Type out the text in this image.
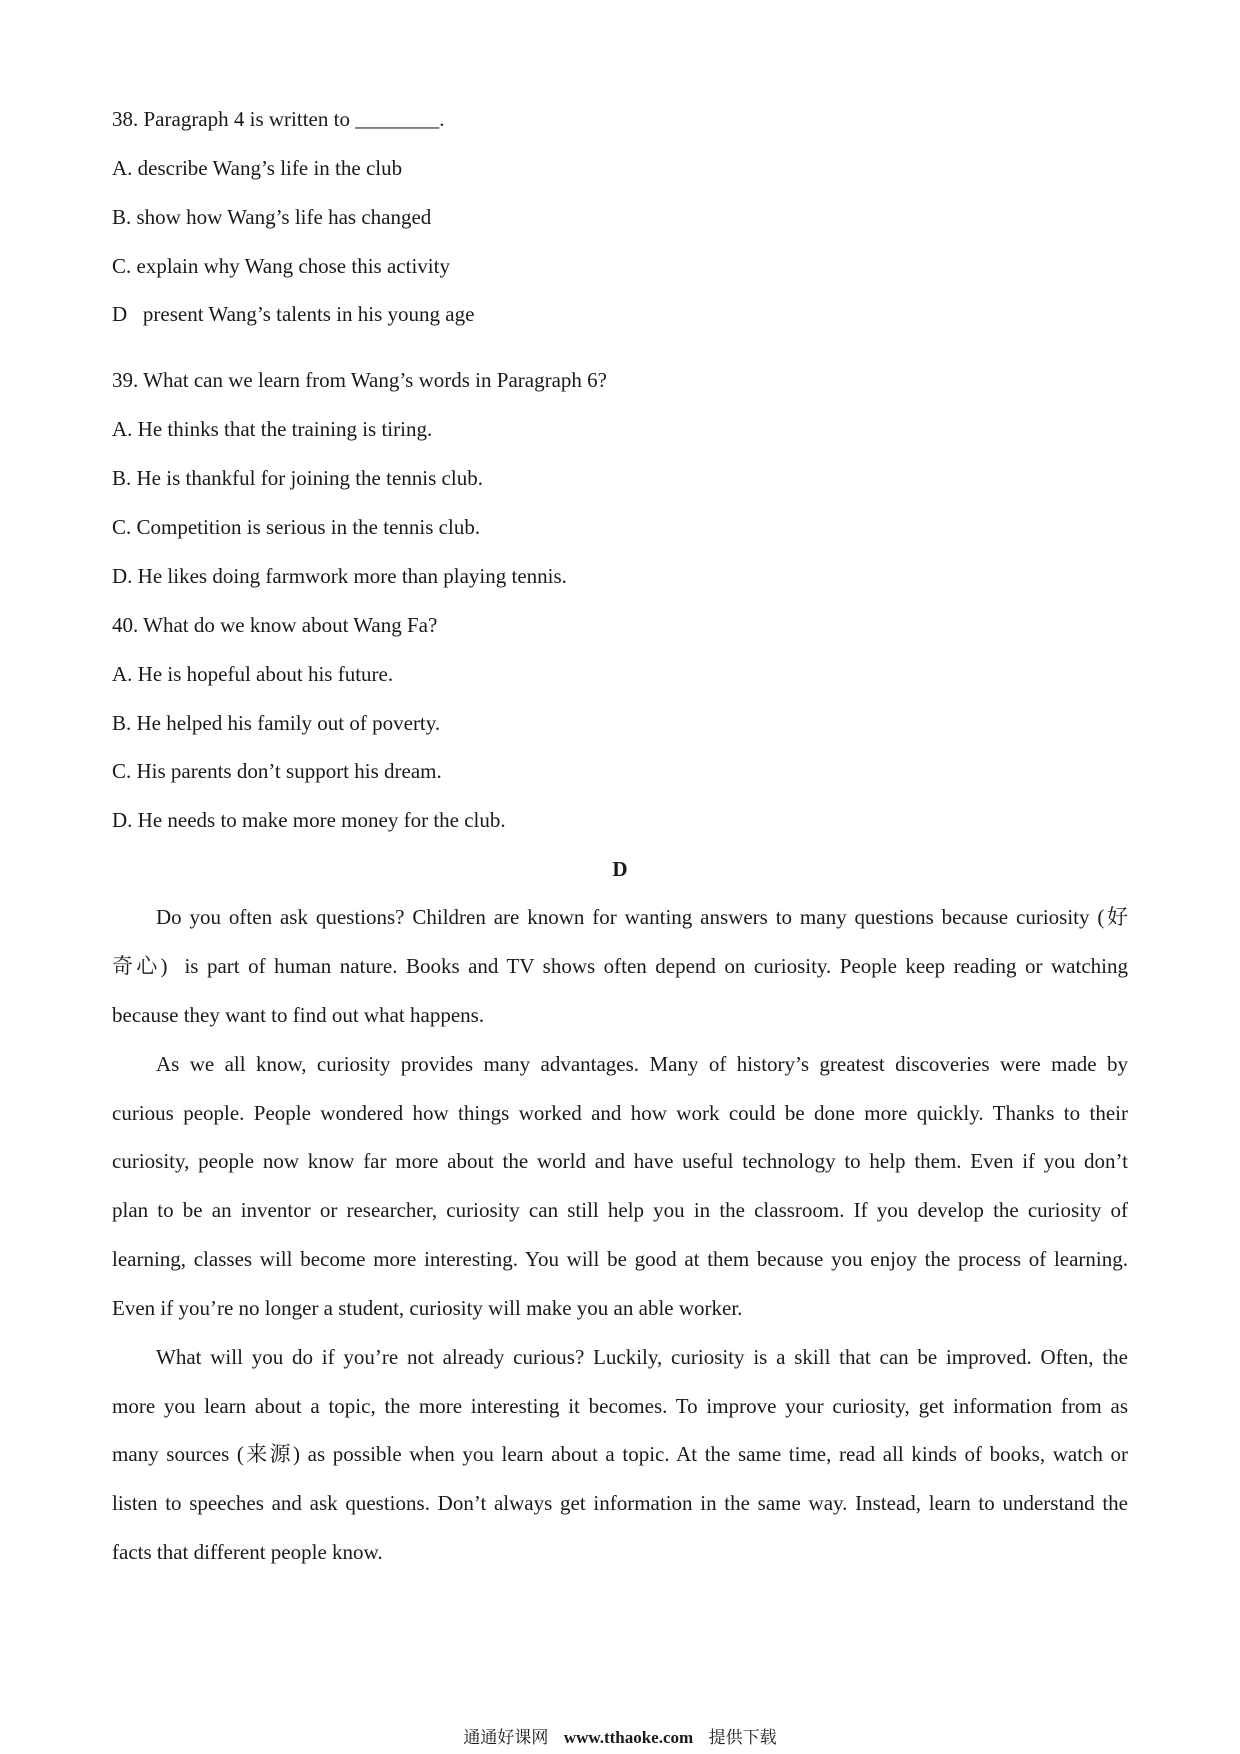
38. Paragraph 4 is written to ________.
A. describe Wang’s life in the club
B. show how Wang’s life has changed
C. explain why Wang chose this activity
D   present Wang’s talents in his young age
39. What can we learn from Wang’s words in Paragraph 6?
A. He thinks that the training is tiring.
B. He is thankful for joining the tennis club.
C. Competition is serious in the tennis club.
D. He likes doing farmwork more than playing tennis.
40. What do we know about Wang Fa?
A. He is hopeful about his future.
B. He helped his family out of poverty.
C. His parents don’t support his dream.
D. He needs to make more money for the club.
D
Do you often ask questions? Children are known for wanting answers to many questions because curiosity (好
奇心)  is part of human nature. Books and TV shows often depend on curiosity. People keep reading or watching
because they want to find out what happens.
As we all know, curiosity provides many advantages. Many of history’s greatest discoveries were made by
curious people. People wondered how things worked and how work could be done more quickly. Thanks to their
curiosity, people now know far more about the world and have useful technology to help them. Even if you don’t
plan to be an inventor or researcher, curiosity can still help you in the classroom. If you develop the curiosity of
learning, classes will become more interesting. You will be good at them because you enjoy the process of learning.
Even if you’re no longer a student, curiosity will make you an able worker.
What will you do if you’re not already curious? Luckily, curiosity is a skill that can be improved. Often, the
more you learn about a topic, the more interesting it becomes. To improve your curiosity, get information from as
many sources (来源) as possible when you learn about a topic. At the same time, read all kinds of books, watch or
listen to speeches and ask questions. Don’t always get information in the same way. Instead, learn to understand the
facts that different people know.
通通好课网 www.tthaoke.com 提供下载
